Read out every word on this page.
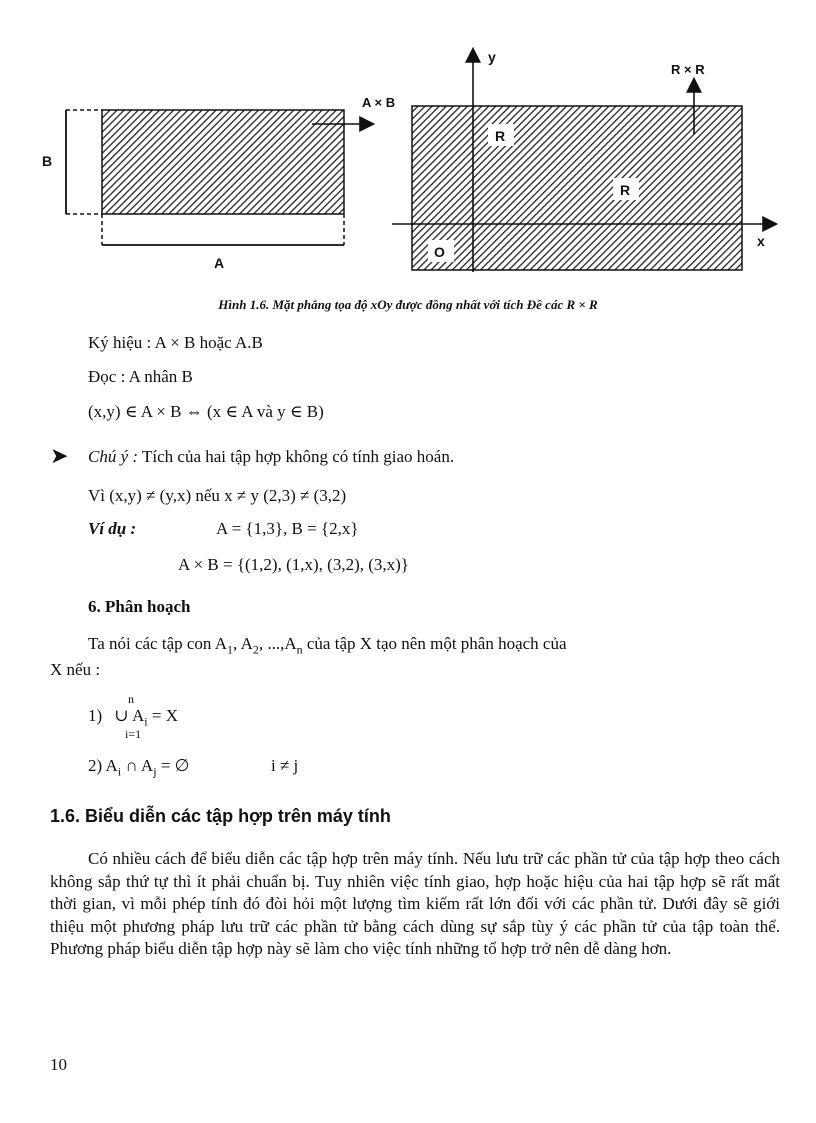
B
A
A × B
y
x
O
R
R
R × R
Hình 1.6. Mặt phẳng tọa độ xOy được đồng nhất với tích Đề các R × R
Ký hiệu : A × B hoặc A.B
Đọc : A nhân B
(x,y) ∈ A × B ⇔ (x ∈ A và y ∈ B)
➤ Chú ý : Tích của hai tập hợp không có tính giao hoán.
Vì (x,y) ≠ (y,x) nếu x ≠ y (2,3) ≠ (3,2)
Ví dụ :	A = {1,3}, B = {2,x}
A × B = {(1,2), (1,x), (3,2), (3,x)}
6. Phân hoạch
Ta nói các tập con $A_1$, $A_2$, $...,A_n$ của tập X tạo nên một phân hoạch của
X nếu :
n
1) ∪ $A_i = X$
i=1
2) $A_i$ ∩ $A_j$ = ∅	i ≠ j
1.6. Biểu diễn các tập hợp trên máy tính

Có nhiều cách để biểu diễn các tập hợp trên máy tính. Nếu lưu trữ các phần tử của tập hợp theo cách không sắp thứ tự thì ít phải chuẩn bị. Tuy nhiên việc tính giao, hợp hoặc hiệu của hai tập hợp sẽ rất mất thời gian, vì mỗi phép tính đó đòi hỏi một lượng tìm kiếm rất lớn đối với các phần tử. Dưới đây sẽ giới thiệu một phương pháp lưu trữ các phần tử bằng cách dùng sự sắp tùy ý các phần tử của tập toàn thể. Phương pháp biểu diễn tập hợp này sẽ làm cho việc tính những tổ hợp trở nên dễ dàng hơn.

10
